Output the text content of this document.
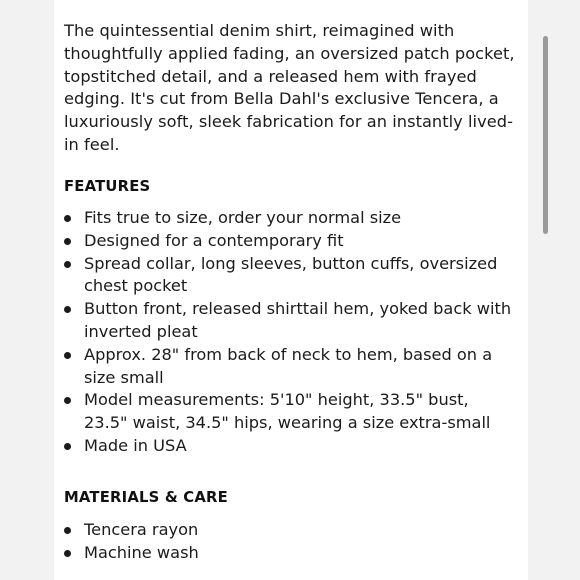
The quintessential denim shirt, reimagined with thoughtfully applied fading, an oversized patch pocket, topstitched detail, and a released hem with frayed edging. It's cut from Bella Dahl's exclusive Tencera, a luxuriously soft, sleek fabrication for an instantly lived-in feel.

FEATURES
Fits true to size, order your normal size
Designed for a contemporary fit
Spread collar, long sleeves, button cuffs, oversized chest pocket
Button front, released shirttail hem, yoked back with inverted pleat
Approx. 28" from back of neck to hem, based on a size small
Model measurements: 5'10" height, 33.5" bust, 23.5" waist, 34.5" hips, wearing a size extra-small
Made in USA
MATERIALS & CARE
Tencera rayon
Machine wash
